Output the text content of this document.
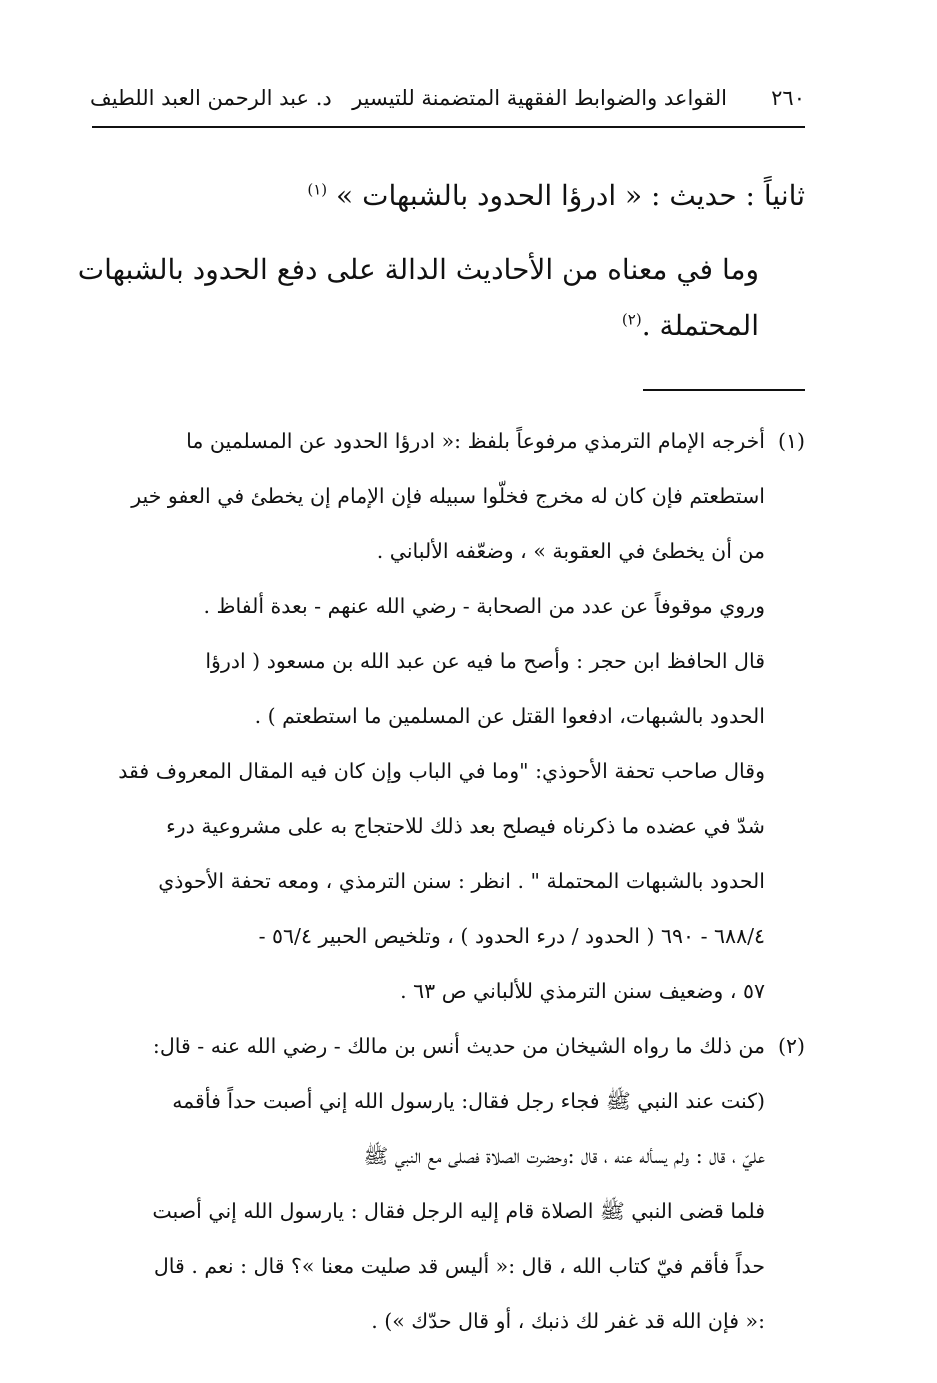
٢٦٠
القواعد والضوابط الفقهية المتضمنة للتيسير
د. عبد الرحمن العبد اللطيف
ثانياً : حديث : « ادرؤا الحدود بالشبهات » $^{(١)}$
وما في معناه من الأحاديث الدالة على دفع الحدود بالشبهات
المحتملة .$^{(٢)}$
(١)أخرجه الإمام الترمذي مرفوعاً بلفظ :« ادرؤا الحدود عن المسلمين ما
استطعتم فإن كان له مخرج فخلّوا سبيله فإن الإمام إن يخطئ في العفو خير
من أن يخطئ في العقوبة » ، وضعّفه الألباني .
وروي موقوفاً عن عدد من الصحابة - رضي الله عنهم - بعدة ألفاظ .
قال الحافظ ابن حجر : وأصح ما فيه عن عبد الله بن مسعود ( ادرؤا
الحدود بالشبهات، ادفعوا القتل عن المسلمين ما استطعتم ) .
وقال صاحب تحفة الأحوذي: "وما في الباب وإن كان فيه المقال المعروف فقد
شدّ في عضده ما ذكرناه فيصلح بعد ذلك للاحتجاج به على مشروعية درء
الحدود بالشبهات المحتملة " . انظر : سنن الترمذي ، ومعه تحفة الأحوذي
٦٨٨/٤ - ٦٩٠ ( الحدود / درء الحدود ) ، وتلخيص الحبير ٥٦/٤ -
٥٧ ، وضعيف سنن الترمذي للألباني ص ٦٣ .
(٢)من ذلك ما رواه الشيخان من حديث أنس بن مالك - رضي الله عنه - قال:
(كنت عند النبي ﷺ فجاء رجل فقال: يارسول الله إني أصبت حداً فأقمه
عليّ ، قال : ولم يسأله عنه ، قال :وحضرت الصلاة فصلى مع النبي ﷺ
فلما قضى النبي ﷺ الصلاة قام إليه الرجل فقال : يارسول الله إني أصبت
حداً فأقم فيّ كتاب الله ، قال :« أليس قد صليت معنا »؟ قال : نعم . قال
:« فإن الله قد غفر لك ذنبك ، أو قال حدّك ») .
